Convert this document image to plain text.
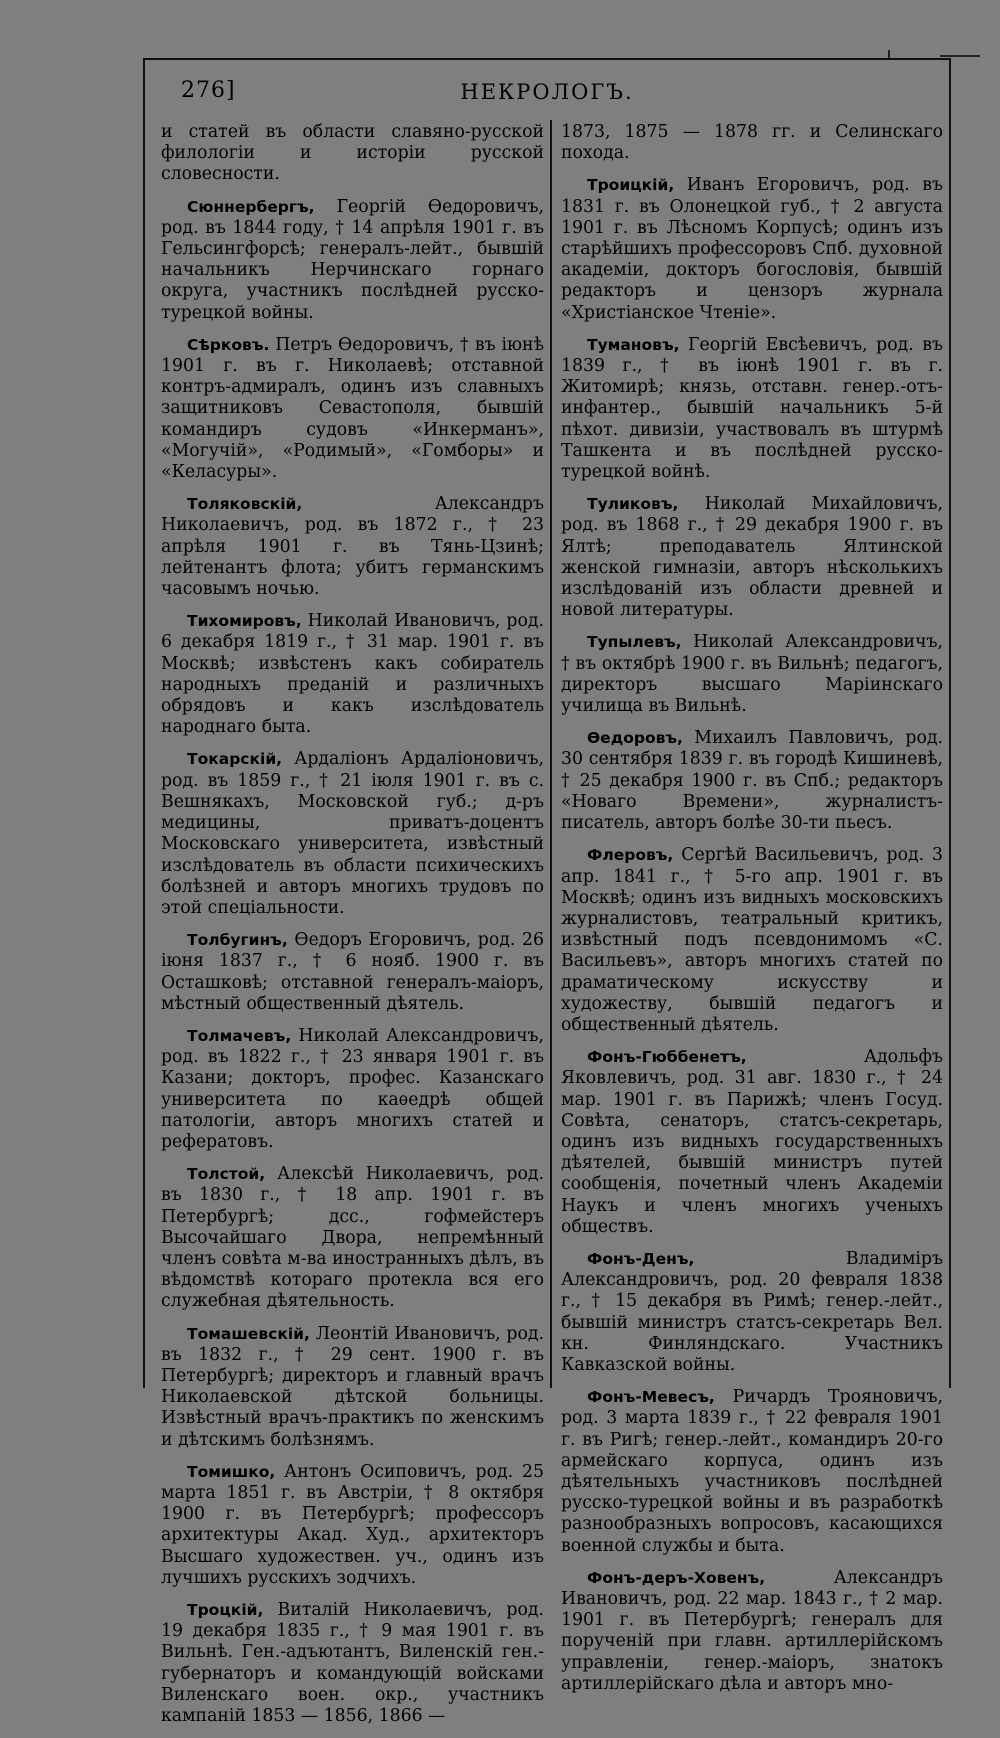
276]	НЕКРОЛОГЪ.

и статей въ области славяно-русской филологіи и исторіи русской словесности.

Сюннербергъ, Георгій Өедоровичъ, род. въ 1844 году, † 14 апрѣля 1901 г. въ Гельсингфорсѣ; генералъ-лейт., бывшій начальникъ Нерчинскаго горнаго округа, участникъ послѣдней русско-турецкой войны.

Сѣрковъ. Петръ Өедоровичъ, † въ іюнѣ 1901 г. въ г. Николаевѣ; отставной контръ-адмиралъ, одинъ изъ славныхъ защитниковъ Севастополя, бывшій командиръ судовъ «Инкерманъ», «Могучій», «Родимый», «Гомборы» и «Келасуры».

Толяковскій, Александръ Николаевичъ, род. въ 1872 г., † 23 апрѣля 1901 г. въ Тянь-Цзинѣ; лейтенантъ флота; убитъ германскимъ часовымъ ночью.

Тихомировъ, Николай Ивановичъ, род. 6 декабря 1819 г., † 31 мар. 1901 г. въ Москвѣ; извѣстенъ какъ собиратель народныхъ преданій и различныхъ обрядовъ и какъ изслѣдователь народнаго быта.

Токарскій, Ардаліонъ Ардаліоновичъ, род. въ 1859 г., † 21 іюля 1901 г. въ с. Вешнякахъ, Московской губ.; д-ръ медицины, приватъ-доцентъ Московскаго университета, извѣстный изслѣдователь въ области психическихъ болѣзней и авторъ многихъ трудовъ по этой спеціальности.

Толбугинъ, Өедоръ Егоровичъ, род. 26 іюня 1837 г., † 6 нояб. 1900 г. въ Осташковѣ; отставной генералъ-маіоръ, мѣстный общественный дѣятель.

Толмачевъ, Николай Александровичъ, род. въ 1822 г., † 23 января 1901 г. въ Казани; докторъ, профес. Казанскаго университета по каѳедрѣ общей патологіи, авторъ многихъ статей и рефератовъ.

Толстой, Алексѣй Николаевичъ, род. въ 1830 г., † 18 апр. 1901 г. въ Петербургѣ; дсс., гофмейстеръ Высочайшаго Двора, непремѣнный членъ совѣта м-ва иностранныхъ дѣлъ, въ вѣдомствѣ котораго протекла вся его служебная дѣятельность.

Томашевскій, Леонтій Ивановичъ, род. въ 1832 г., † 29 сент. 1900 г. въ Петербургѣ; директоръ и главный врачъ Николаевской дѣтской больницы. Извѣстный врачъ-практикъ по женскимъ и дѣтскимъ болѣзнямъ.

Томишко, Антонъ Осиповичъ, род. 25 марта 1851 г. въ Австріи, † 8 октября 1900 г. въ Петербургѣ; профессоръ архитектуры Акад. Худ., архитекторъ Высшаго художествен. уч., одинъ изъ лучшихъ русскихъ зодчихъ.

Троцкій, Виталій Николаевичъ, род. 19 декабря 1835 г., † 9 мая 1901 г. въ Вильнѣ. Ген.-адъютантъ, Виленскій ген.-губернаторъ и командующій войсками Виленскаго воен. окр., участникъ кампаній 1853 — 1856, 1866 —

1873, 1875 — 1878 гг. и Селинскаго похода.

Троицкій, Иванъ Егоровичъ, род. въ 1831 г. въ Олонецкой губ., † 2 августа 1901 г. въ Лѣсномъ Корпусѣ; одинъ изъ старѣйшихъ профессоровъ Спб. духовной академіи, докторъ богословія, бывшій редакторъ и цензоръ журнала «Христіанское Чтеніе».

Тумановъ, Георгій Евсѣевичъ, род. въ 1839 г., † въ іюнѣ 1901 г. въ г. Житомирѣ; князь, отставн. генер.-отъ-инфантер., бывшій начальникъ 5-й пѣхот. дивизіи, участвовалъ въ штурмѣ Ташкента и въ послѣдней русско-турецкой войнѣ.

Туликовъ, Николай Михайловичъ, род. въ 1868 г., † 29 декабря 1900 г. въ Ялтѣ; преподаватель Ялтинской женской гимназіи, авторъ нѣсколькихъ изслѣдованій изъ области древней и новой литературы.

Тупылевъ, Николай Александровичъ, † въ октябрѣ 1900 г. въ Вильнѣ; педагогъ, директоръ высшаго Маріинскаго училища въ Вильнѣ.

Өедоровъ, Михаилъ Павловичъ, род. 30 сентября 1839 г. въ городѣ Кишиневѣ, † 25 декабря 1900 г. въ Спб.; редакторъ «Новаго Времени», журналистъ-писатель, авторъ болѣе 30-ти пьесъ.

Флеровъ, Сергѣй Васильевичъ, род. 3 апр. 1841 г., † 5-го апр. 1901 г. въ Москвѣ; одинъ изъ видныхъ московскихъ журналистовъ, театральный критикъ, извѣстный подъ псевдонимомъ «С. Васильевъ», авторъ многихъ статей по драматическому искусству и художеству, бывшій педагогъ и общественный дѣятель.

Фонъ-Гюббенетъ, Адольфъ Яковлевичъ, род. 31 авг. 1830 г., † 24 мар. 1901 г. въ Парижѣ; членъ Госуд. Совѣта, сенаторъ, статсъ-секретарь, одинъ изъ видныхъ государственныхъ дѣятелей, бывшій министръ путей сообщенія, почетный членъ Академіи Наукъ и членъ многихъ ученыхъ обществъ.

Фонъ-Денъ, Владиміръ Александровичъ, род. 20 февраля 1838 г., † 15 декабря въ Римѣ; генер.-лейт., бывшій министръ статсъ-секретарь Вел. кн. Финляндскаго. Участникъ Кавказской войны.

Фонъ-Мевесъ, Ричардъ Трояновичъ, род. 3 марта 1839 г., † 22 февраля 1901 г. въ Ригѣ; генер.-лейт., командиръ 20-го армейскаго корпуса, одинъ изъ дѣятельныхъ участниковъ послѣдней русско-турецкой войны и въ разработкѣ разнообразныхъ вопросовъ, касающихся военной службы и быта.

Фонъ-деръ-Ховенъ, Александръ Ивановичъ, род. 22 мар. 1843 г., † 2 мар. 1901 г. въ Петербургѣ; генералъ для порученій при главн. артиллерійскомъ управленіи, генер.-маіоръ, знатокъ артиллерійскаго дѣла и авторъ мно-
